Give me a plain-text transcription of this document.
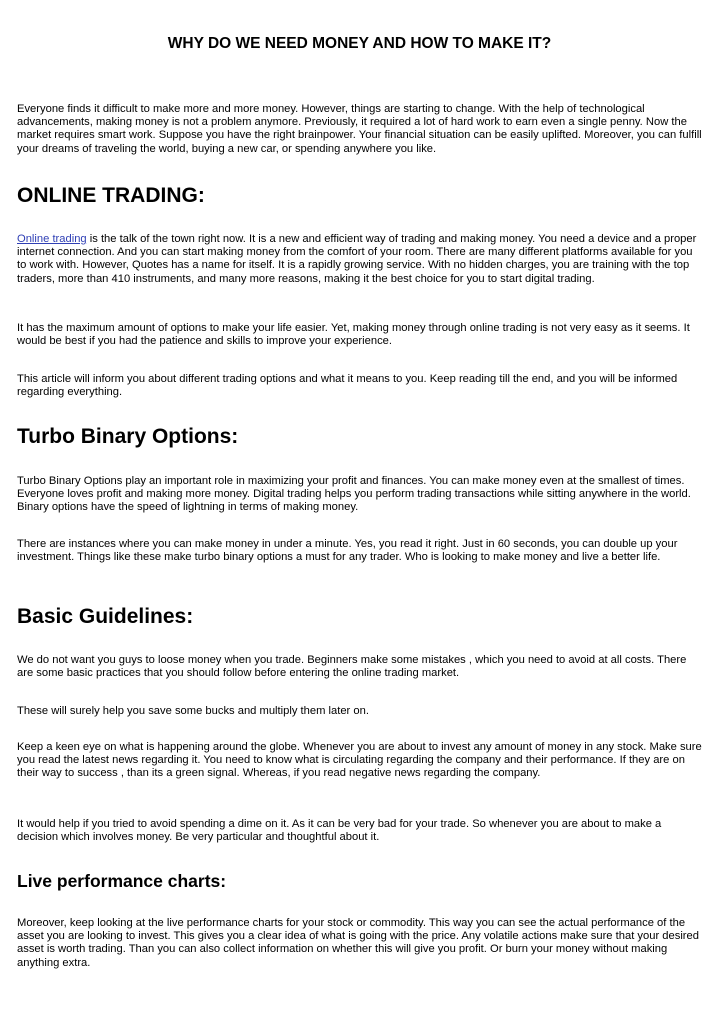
WHY DO WE NEED MONEY AND HOW TO MAKE IT?

Everyone finds it difficult to make more and more money. However, things are starting to change. With the help of technological advancements, making money is not a problem anymore. Previously, it required a lot of hard work to earn even a single penny. Now the market requires smart work. Suppose you have the right brainpower. Your financial situation can be easily uplifted. Moreover, you can fulfill your dreams of traveling the world, buying a new car, or spending anywhere you like.

ONLINE TRADING:

Online trading is the talk of the town right now. It is a new and efficient way of trading and making money. You need a device and a proper internet connection. And you can start making money from the comfort of your room. There are many different platforms available for you to work with. However, Quotes has a name for itself. It is a rapidly growing service. With no hidden charges, you are training with the top traders, more than 410 instruments, and many more reasons, making it the best choice for you to start digital trading.

It has the maximum amount of options to make your life easier. Yet, making money through online trading is not very easy as it seems. It would be best if you had the patience and skills to improve your experience.

This article will inform you about different trading options and what it means to you. Keep reading till the end, and you will be informed regarding everything.

Turbo Binary Options:

Turbo Binary Options play an important role in maximizing your profit and finances. You can make money even at the smallest of times. Everyone loves profit and making more money. Digital trading helps you perform trading transactions while sitting anywhere in the world. Binary options have the speed of lightning in terms of making money.

There are instances where you can make money in under a minute. Yes, you read it right. Just in 60 seconds, you can double up your investment. Things like these make turbo binary options a must for any trader. Who is looking to make money and live a better life.

Basic Guidelines:

We do not want you guys to loose money when you trade. Beginners make some mistakes , which you need to avoid at all costs. There are some basic practices that you should follow before entering the online trading market.

These will surely help you save some bucks and multiply them later on.

Keep a keen eye on what is happening around the globe. Whenever you are about to invest any amount of money in any stock. Make sure you read the latest news regarding it. You need to know what is circulating regarding the company and their performance. If they are on their way to success , than its a green signal. Whereas, if you read negative news regarding the company.

It would help if you tried to avoid spending a dime on it. As it can be very bad for your trade. So whenever you are about to make a decision which involves money. Be very particular and thoughtful about it.

Live performance charts:

Moreover, keep looking at the live performance charts for your stock or commodity. This way you can see the actual performance of the asset you are looking to invest. This gives you a clear idea of what is going with the price. Any volatile actions make sure that your desired asset is worth trading. Than you can also collect information on whether this will give you profit. Or burn your money without making anything extra.
